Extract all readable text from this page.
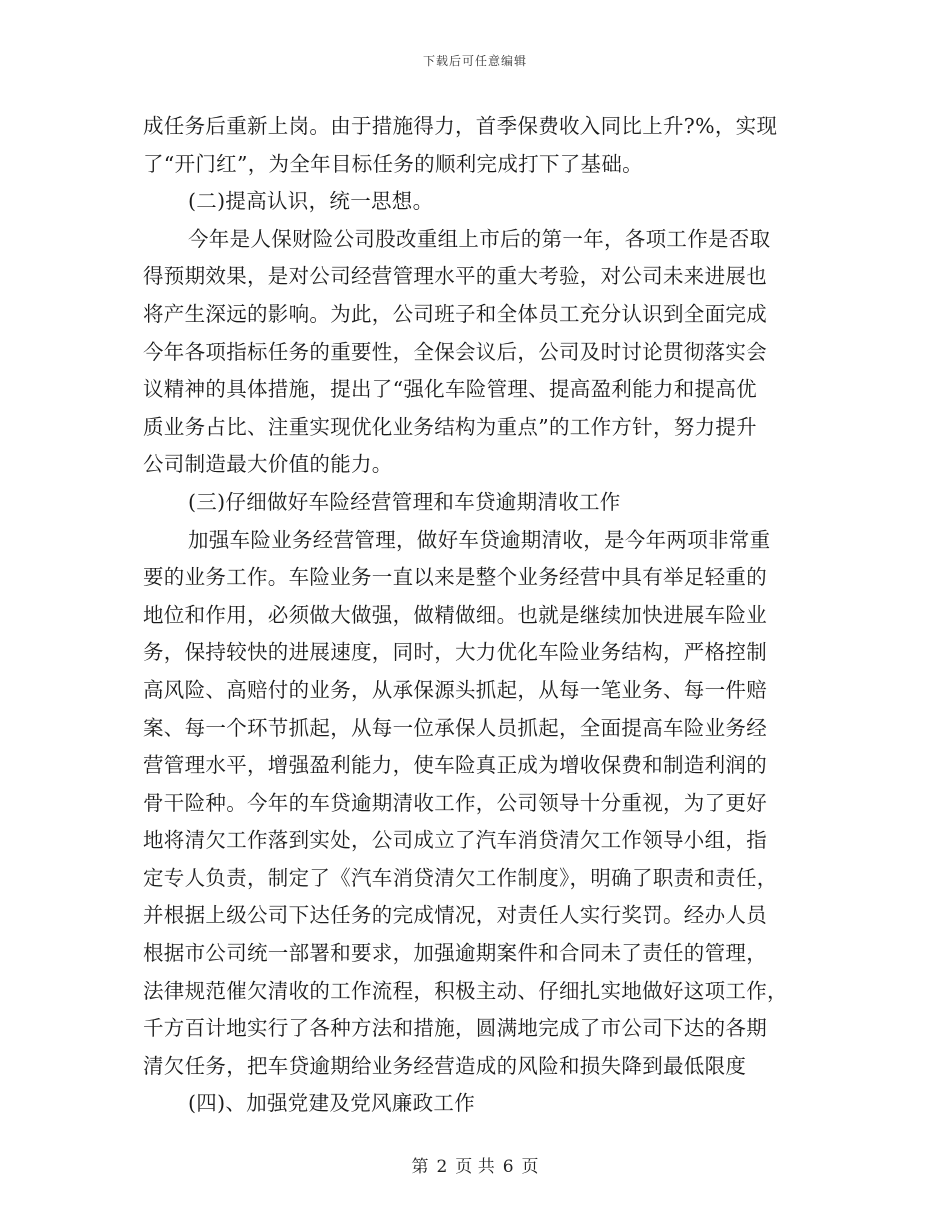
下载后可任意编辑
成任务后重新上岗。由于措施得力，首季保费收入同比上升?%，实现
了“开门红”，为全年目标任务的顺利完成打下了基础。
(二)提高认识，统一思想。
今年是人保财险公司股改重组上市后的第一年，各项工作是否取
得预期效果，是对公司经营管理水平的重大考验，对公司未来进展也
将产生深远的影响。为此，公司班子和全体员工充分认识到全面完成
今年各项指标任务的重要性，全保会议后，公司及时讨论贯彻落实会
议精神的具体措施，提出了“强化车险管理、提高盈利能力和提高优
质业务占比、注重实现优化业务结构为重点”的工作方针，努力提升
公司制造最大价值的能力。
(三)仔细做好车险经营管理和车贷逾期清收工作
加强车险业务经营管理，做好车贷逾期清收，是今年两项非常重
要的业务工作。车险业务一直以来是整个业务经营中具有举足轻重的
地位和作用，必须做大做强，做精做细。也就是继续加快进展车险业
务，保持较快的进展速度，同时，大力优化车险业务结构，严格控制
高风险、高赔付的业务，从承保源头抓起，从每一笔业务、每一件赔
案、每一个环节抓起，从每一位承保人员抓起，全面提高车险业务经
营管理水平，增强盈利能力，使车险真正成为增收保费和制造利润的
骨干险种。今年的车贷逾期清收工作，公司领导十分重视，为了更好
地将清欠工作落到实处，公司成立了汽车消贷清欠工作领导小组，指
定专人负责，制定了《汽车消贷清欠工作制度》，明确了职责和责任，
并根据上级公司下达任务的完成情况，对责任人实行奖罚。经办人员
根据市公司统一部署和要求，加强逾期案件和合同未了责任的管理，
法律规范催欠清收的工作流程，积极主动、仔细扎实地做好这项工作，
千方百计地实行了各种方法和措施，圆满地完成了市公司下达的各期
清欠任务，把车贷逾期给业务经营造成的风险和损失降到最低限度
(四)、加强党建及党风廉政工作
第 2 页 共 6 页
